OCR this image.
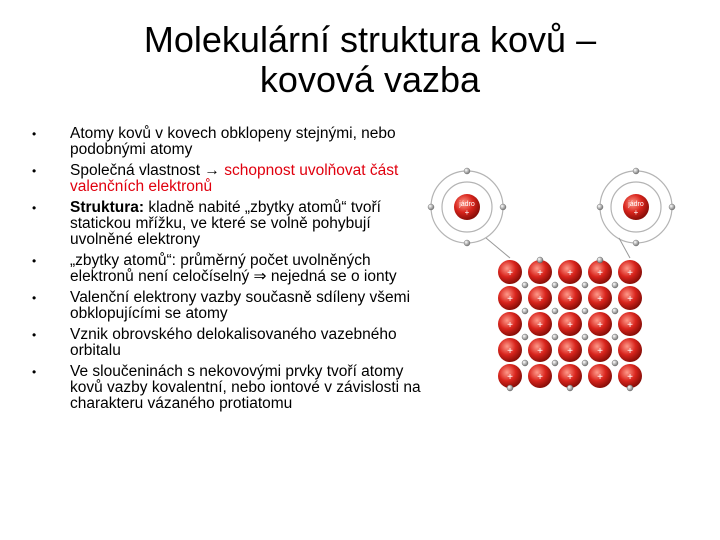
Molekulární struktura kovů –
kovová vazba
• Atomy kovů v kovech obklopeny stejnými, nebo podobnými atomy
• Společná vlastnost → schopnost uvolňovat část valenčních elektronů
• Struktura: kladně nabité „zbytky atomů“ tvoří statickou mřížku, ve které se volně pohybují uvolněné elektrony
• „zbytky atomů“: průměrný počet uvolněných elektronů není celočíselný ⇒ nejedná se o ionty
• Valenční elektrony vazby současně sdíleny všemi obklopujícími se atomy
• Vznik obrovského delokalisovaného vazebného orbitalu
• Ve sloučeninách s nekovovými prvky tvoří atomy kovů vazby kovalentní, nebo iontové v závislosti na charakteru vázaného protiatomu
jádro
+
jádro
+
+ + + + +
+ + + + +
+ + + + +
+ + + + +
+ + + + +
